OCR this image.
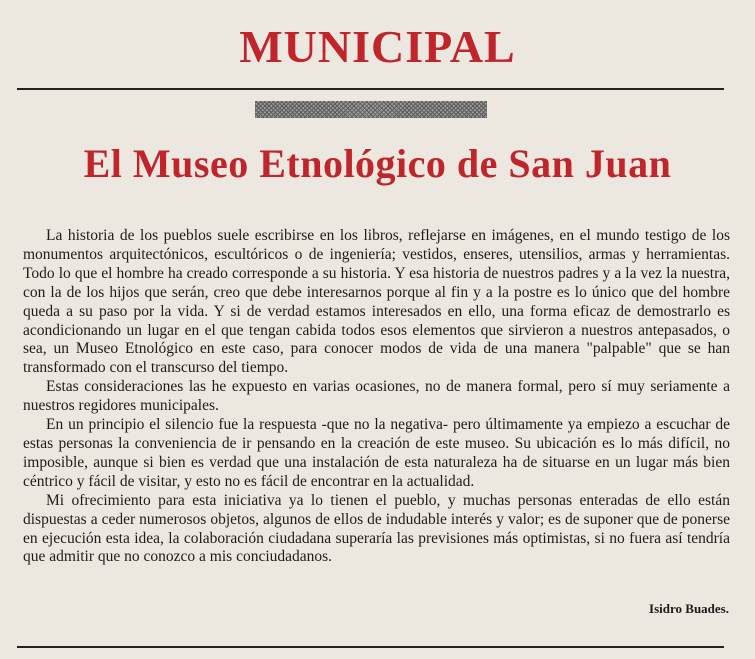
MUNICIPAL
El Museo Etnológico de San Juan

La historia de los pueblos suele escribirse en los libros, reflejarse en imágenes, en el mundo testigo de los monumentos arquitectónicos, escultóricos o de ingeniería; vestidos, enseres, utensilios, armas y herramientas. Todo lo que el hombre ha creado corresponde a su historia. Y esa historia de nuestros padres y a la vez la nuestra, con la de los hijos que serán, creo que debe interesarnos porque al fin y a la postre es lo único que del hombre queda a su paso por la vida. Y si de verdad estamos interesados en ello, una forma eficaz de demostrarlo es acondicionando un lugar en el que tengan cabida todos esos elementos que sirvieron a nuestros antepasados, o sea, un Museo Etnológico en este caso, para conocer modos de vida de una manera "palpable" que se han transformado con el transcurso del tiempo.

Estas consideraciones las he expuesto en varias ocasiones, no de manera formal, pero sí muy seriamente a nuestros regidores municipales.

En un principio el silencio fue la respuesta -que no la negativa- pero últimamente ya empiezo a escuchar de estas personas la conveniencia de ir pensando en la creación de este museo. Su ubicación es lo más difícil, no imposible, aunque si bien es verdad que una instalación de esta naturaleza ha de situarse en un lugar más bien céntrico y fácil de visitar, y esto no es fácil de encontrar en la actualidad.

Mi ofrecimiento para esta iniciativa ya lo tienen el pueblo, y muchas personas enteradas de ello están dispuestas a ceder numerosos objetos, algunos de ellos de indudable interés y valor; es de suponer que de ponerse en ejecución esta idea, la colaboración ciudadana superaría las previsiones más optimistas, si no fuera así tendría que admitir que no conozco a mis conciudadanos.

Isidro Buades.
